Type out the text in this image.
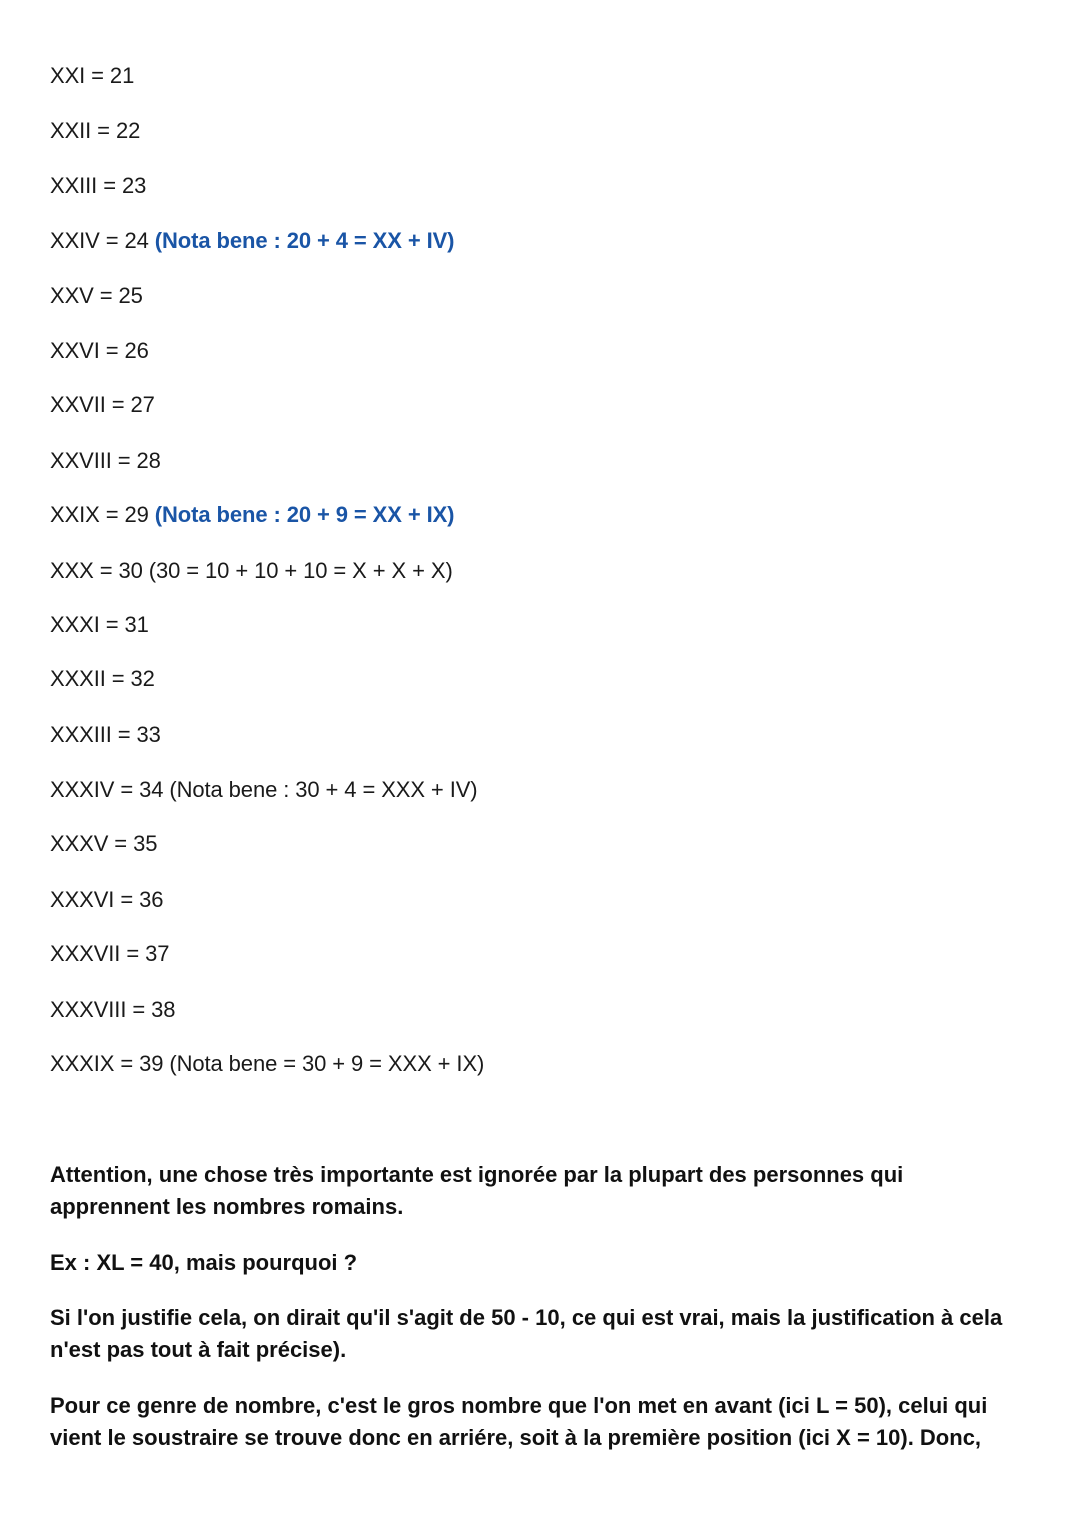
XXI = 21
XXII = 22
XXIII = 23
XXIV = 24 (Nota bene : 20 + 4 = XX + IV)
XXV = 25
XXVI = 26
XXVII = 27
XXVIII = 28
XXIX = 29 (Nota bene : 20 + 9 = XX + IX)
XXX = 30 (30 = 10 + 10 + 10 = X + X + X)
XXXI = 31
XXXII = 32
XXXIII = 33
XXXIV = 34 (Nota bene : 30 + 4 = XXX + IV)
XXXV = 35
XXXVI = 36
XXXVII = 37
XXXVIII = 38
XXXIX = 39 (Nota bene = 30 + 9 = XXX + IX)
Attention, une chose très importante est ignorée par la plupart des personnes qui apprennent les nombres romains.
Ex : XL = 40, mais pourquoi ?
Si l'on justifie cela, on dirait qu'il s'agit de 50 - 10, ce qui est vrai, mais la justification à cela n'est pas tout à fait précise).
Pour ce genre de nombre, c'est le gros nombre que l'on met en avant (ici L = 50), celui qui vient le soustraire se trouve donc en arriére, soit à la première position (ici X = 10). Donc,
